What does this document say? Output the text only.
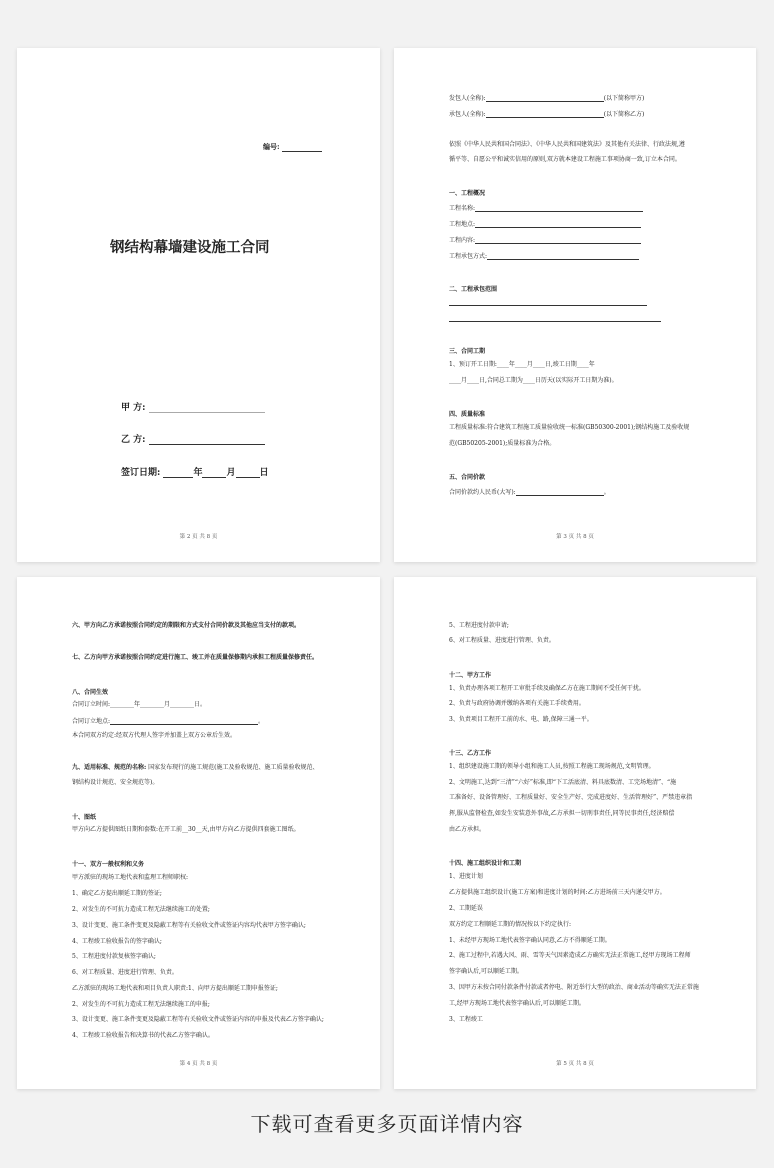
编号:
钢结构幕墙建设施工合同
甲 方:
乙 方:
签订日期:	年	月	日
第 2 页 共 8 页
发包人(全称):	(以下简称甲方)
承包人(全称):	(以下简称乙方)
依照《中华人民共和国合同法》、《中华人民共和国建筑法》及其他有关法律、行政法规,遵
循平等、自愿公平和诚实信用的原则,双方就本建设工程施工事项协商一致,订立本合同。
一、工程概况
工程名称:
工程地点:
工程内容:
工程承包方式:
二、工程承包范围
三、合同工期
1、预订开工日期:____年____月____日,竣工日期____年
____月____日,合同总工期为____日历天(以实际开工日期为准)。
四、质量标准
工程质量标准:符合建筑工程施工质量验收统一标准(GB50300-2001);钢结构施工及验收规
范(GB50205-2001);质量标准为合格。
五、合同价款
合同价款约人民币(大写):	。
第 3 页 共 8 页
六、甲方向乙方承诺按照合同约定的期限和方式支付合同价款及其他应当支付的款项。
七、乙方向甲方承诺按照合同约定进行施工、竣工并在质量保修期内承担工程质量保修责任。
八、合同生效
合同订立时间:________年________月________日。
合同订立地点:	。
本合同双方约定:经双方代理人签字并加盖上双方公章后生效。
九、适用标准、规范的名称: 国家发布现行的施工规范(施工及验收规范、施工质量验收规范、
钢结构设计规范、安全规范等)。
十、图纸
甲方向乙方提供图纸日期和套数:在开工前__30__天,由甲方向乙方提供四套施工图纸。
十一、双方一般权利和义务
甲方派驻的现场工地代表和监理工程师职权:
1、确定乙方提出顺延工期的签证;
2、对发生的不可抗力造成工程无法继续施工的处置;
3、设计变更、施工条件变更及隐蔽工程等有关验收文件或签证内容均代表甲方签字确认;
4、工程竣工验收报告的签字确认;
5、工程进度付款复核签字确认;
6、对工程质量、进度进行管理、负责。
乙方派驻的现场工地代表和项目负责人职责:1、向甲方提出顺延工期申报签证;
2、对发生的不可抗力造成工程无法继续施工的申报;
3、设计变更、施工条件变更及隐蔽工程等有关验收文件或签证内容的申报及代表乙方签字确认;
4、工程竣工验收报告和决算书的代表乙方签字确认。
第 4 页 共 8 页
5、工程进度付款申请;
6、对工程质量、进度进行管理、负责。
十二、甲方工作
1、负责办理各项工程开工审批手续及确保乙方在施工期间不受任何干扰。
2、负责与政府协调并缴纳各项有关施工手续费用。
3、负责项目工程开工前的水、电、路,保障三通一平。
十三、乙方工作
1、组织建设施工期的领导小组和施工人员,按照工程施工现场规范,文明管理。
2、文明施工,达到“三清”“六好”标准,即“下工活底清、料具底数清、工完场地清”、“施
工准备好、设备管理好、工程质量好、安全生产好、完成进度好、生活管理好”、严禁违章指
挥,服从监督检查,如发生安装意外事故,乙方承担一切刑事责任,同等民事责任,经济赔偿
由乙方承担。
十四、施工组织设计和工期
1、进度计划
乙方提供施工组织设计(施工方案)和进度计划的时间:乙方进场前三天内递交甲方。
2、工期延误
双方约定工程顺延工期的情况按以下约定执行:
1、未经甲方现场工地代表签字确认同意,乙方不得顺延工期。
2、施工过程中,若遇大风、雨、雪等天气因素造成乙方确实无法正常施工,经甲方现场工程师
签字确认后,可以顺延工期。
3、因甲方未按合同付款条件付款或者停电、附近举行大型的政治、商业活动等确实无法正常施
工,经甲方现场工地代表签字确认后,可以顺延工期。
3、工程竣工
第 5 页 共 8 页
下载可查看更多页面详情内容
